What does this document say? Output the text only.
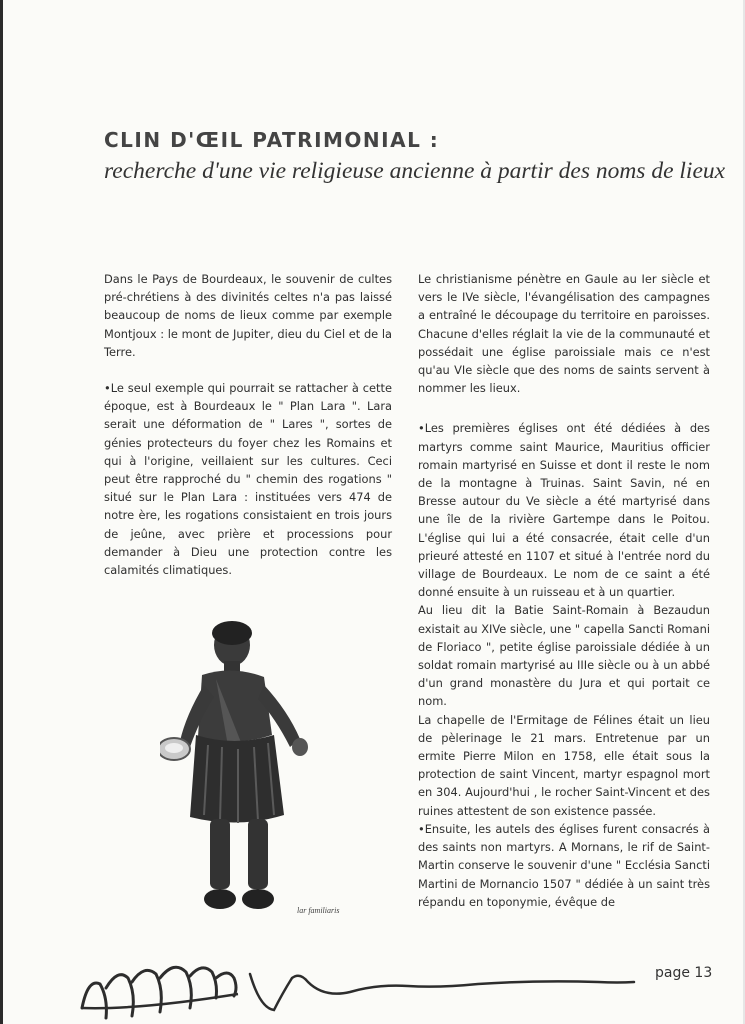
CLIN D'ŒIL PATRIMONIAL :
recherche d'une vie religieuse ancienne à partir des noms de lieux

Dans le Pays de Bourdeaux, le souvenir de cultes pré-chrétiens à des divinités celtes n'a pas laissé beaucoup de noms de lieux comme par exemple Montjoux : le mont de Jupiter, dieu du Ciel et de la Terre.

•Le seul exemple qui pourrait se rattacher à cette époque, est à Bourdeaux le " Plan Lara ". Lara serait une déformation de " Lares ", sortes de génies protecteurs du foyer chez les Romains et qui à l'origine, veillaient sur les cultures. Ceci peut être rapproché du " chemin des rogations " situé sur le Plan Lara : instituées vers 474 de notre ère, les rogations consistaient en trois jours de jeûne, avec prière et processions pour demander à Dieu une protection contre les calamités climatiques.

Le christianisme pénètre en Gaule au Ier siècle et vers le IVe siècle, l'évangélisation des campagnes a entraîné le découpage du territoire en paroisses. Chacune d'elles réglait la vie de la communauté et possédait une église paroissiale mais ce n'est qu'au VIe siècle que des noms de saints servent à nommer les lieux.

•Les premières églises ont été dédiées à des martyrs comme saint Maurice, Mauritius officier romain martyrisé en Suisse et dont il reste le nom de la montagne à Truinas. Saint Savin, né en Bresse autour du Ve siècle a été martyrisé dans une île de la rivière Gartempe dans le Poitou. L'église qui lui a été consacrée, était celle d'un prieuré attesté en 1107 et situé à l'entrée nord du village de Bourdeaux. Le nom de ce saint a été donné ensuite à un ruisseau et à un quartier.

Au lieu dit la Batie Saint-Romain à Bezaudun existait au XIVe siècle, une " capella Sancti Romani de Floriaco ", petite église paroissiale dédiée à un soldat romain martyrisé au IIIe siècle ou à un abbé d'un grand monastère du Jura et qui portait ce nom.

La chapelle de l'Ermitage de Félines était un lieu de pèlerinage le 21 mars. Entretenue par un ermite Pierre Milon en 1758, elle était sous la protection de saint Vincent, martyr espagnol mort en 304. Aujourd'hui , le rocher Saint-Vincent et des ruines attestent de son existence passée.

•Ensuite, les autels des églises furent consacrés à des saints non martyrs. A Mornans, le rif de Saint-Martin conserve le souvenir d'une " Ecclésia Sancti Martini de Mornancio 1507 " dédiée à un saint très répandu en toponymie, évêque de

lar familiaris
page 13
